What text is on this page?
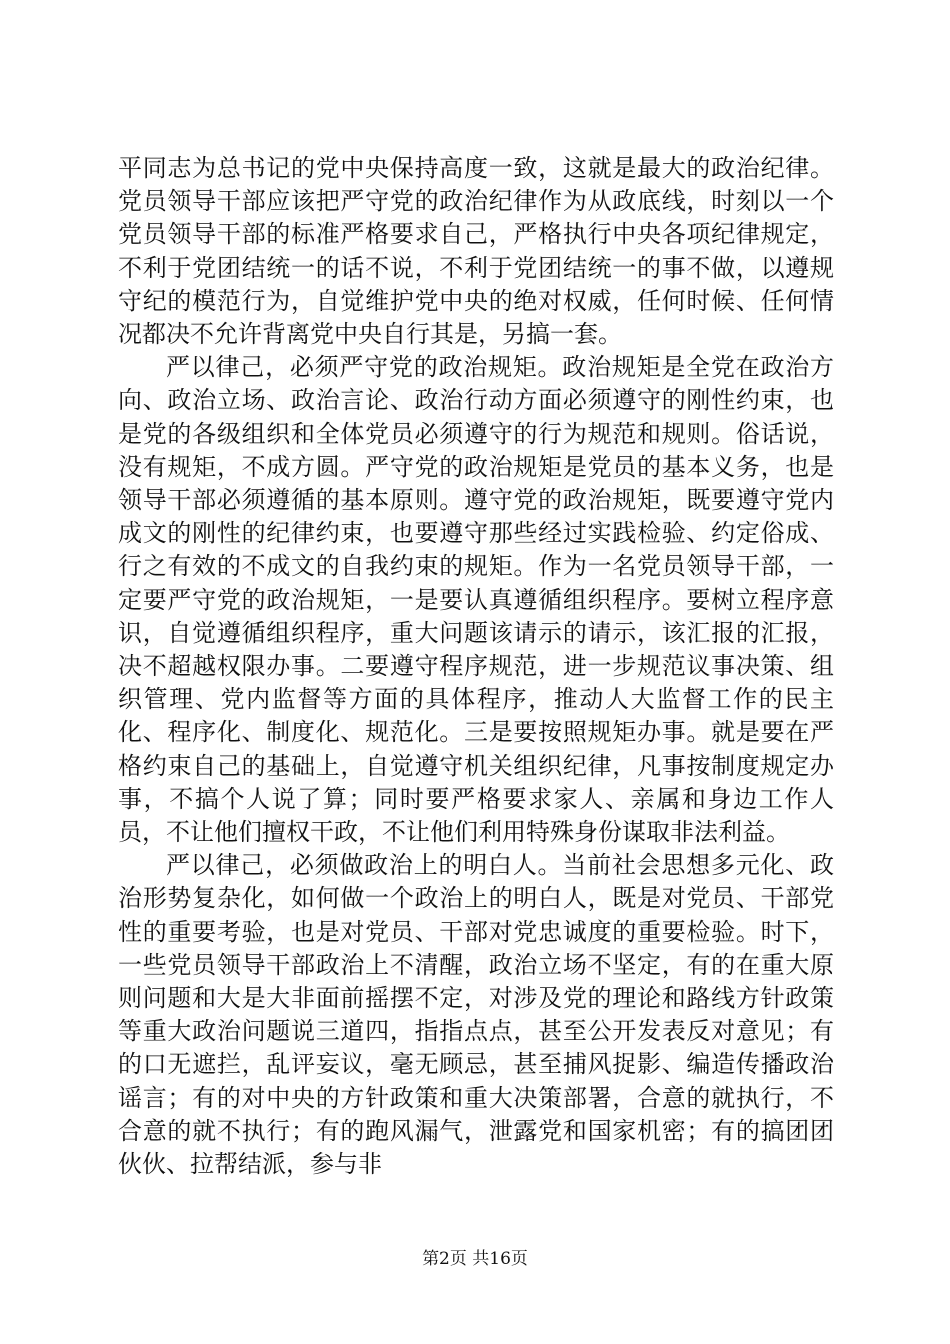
平同志为总书记的党中央保持高度一致，这就是最大的政治纪律。党员领导干部应该把严守党的政治纪律作为从政底线，时刻以一个党员领导干部的标准严格要求自己，严格执行中央各项纪律规定，不利于党团结统一的话不说，不利于党团结统一的事不做，以遵规守纪的模范行为，自觉维护党中央的绝对权威，任何时候、任何情况都决不允许背离党中央自行其是，另搞一套。

严以律己，必须严守党的政治规矩。政治规矩是全党在政治方向、政治立场、政治言论、政治行动方面必须遵守的刚性约束，也是党的各级组织和全体党员必须遵守的行为规范和规则。俗话说，没有规矩，不成方圆。严守党的政治规矩是党员的基本义务，也是领导干部必须遵循的基本原则。遵守党的政治规矩，既要遵守党内成文的刚性的纪律约束，也要遵守那些经过实践检验、约定俗成、行之有效的不成文的自我约束的规矩。作为一名党员领导干部，一定要严守党的政治规矩，一是要认真遵循组织程序。要树立程序意识，自觉遵循组织程序，重大问题该请示的请示，该汇报的汇报，决不超越权限办事。二要遵守程序规范，进一步规范议事决策、组织管理、党内监督等方面的具体程序，推动人大监督工作的民主化、程序化、制度化、规范化。三是要按照规矩办事。就是要在严格约束自己的基础上，自觉遵守机关组织纪律，凡事按制度规定办事，不搞个人说了算；同时要严格要求家人、亲属和身边工作人员，不让他们擅权干政，不让他们利用特殊身份谋取非法利益。

严以律己，必须做政治上的明白人。当前社会思想多元化、政治形势复杂化，如何做一个政治上的明白人，既是对党员、干部党性的重要考验，也是对党员、干部对党忠诚度的重要检验。时下，一些党员领导干部政治上不清醒，政治立场不坚定，有的在重大原则问题和大是大非面前摇摆不定，对涉及党的理论和路线方针政策等重大政治问题说三道四，指指点点，甚至公开发表反对意见；有的口无遮拦，乱评妄议，毫无顾忌，甚至捕风捉影、编造传播政治谣言；有的对中央的方针政策和重大决策部署，合意的就执行，不合意的就不执行；有的跑风漏气，泄露党和国家机密；有的搞团团伙伙、拉帮结派，参与非

第2页 共16页
